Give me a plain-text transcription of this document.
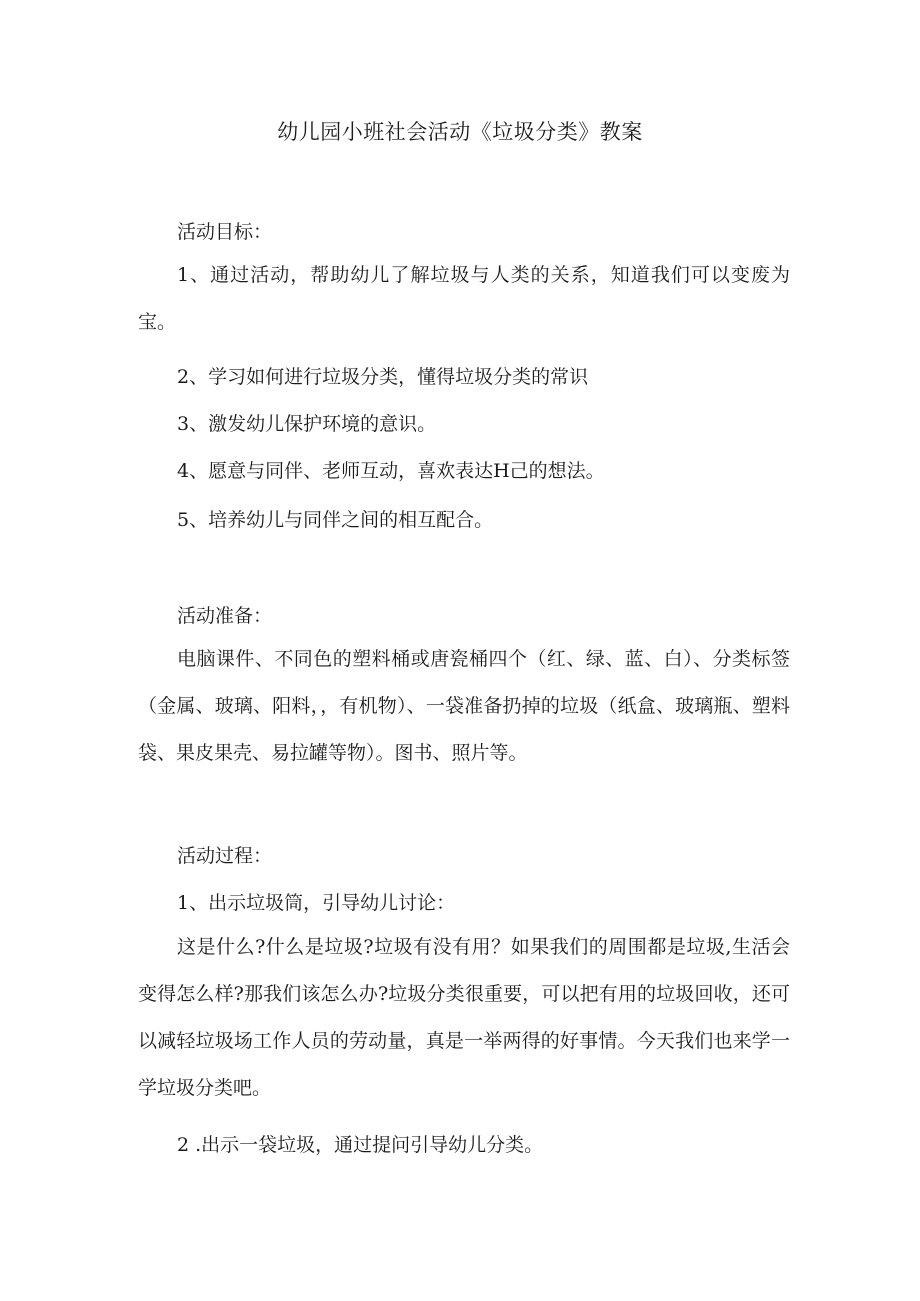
幼儿园小班社会活动《垃圾分类》教案

活动目标：

1、通过活动，帮助幼儿了解垃圾与人类的关系，知道我们可以变废为宝。

2、学习如何进行垃圾分类，懂得垃圾分类的常识

3、激发幼儿保护环境的意识。

4、愿意与同伴、老师互动，喜欢表达H己的想法。

5、培养幼儿与同伴之间的相互配合。

活动准备：

电脑课件、不同色的塑料桶或唐瓷桶四个（红、绿、蓝、白）、分类标签（金属、玻璃、阳料，，有机物）、一袋准备扔掉的垃圾（纸盒、玻璃瓶、塑料袋、果皮果壳、易拉罐等物）。图书、照片等。

活动过程：

1、出示垃圾筒，引导幼儿讨论：

这是什么?什么是垃圾?垃圾有没有用？如果我们的周围都是垃圾,生活会变得怎么样?那我们该怎么办?垃圾分类很重要，可以把有用的垃圾回收，还可以减轻垃圾场工作人员的劳动量，真是一举两得的好事情。今天我们也来学一学垃圾分类吧。

2 .出示一袋垃圾，通过提问引导幼儿分类。
